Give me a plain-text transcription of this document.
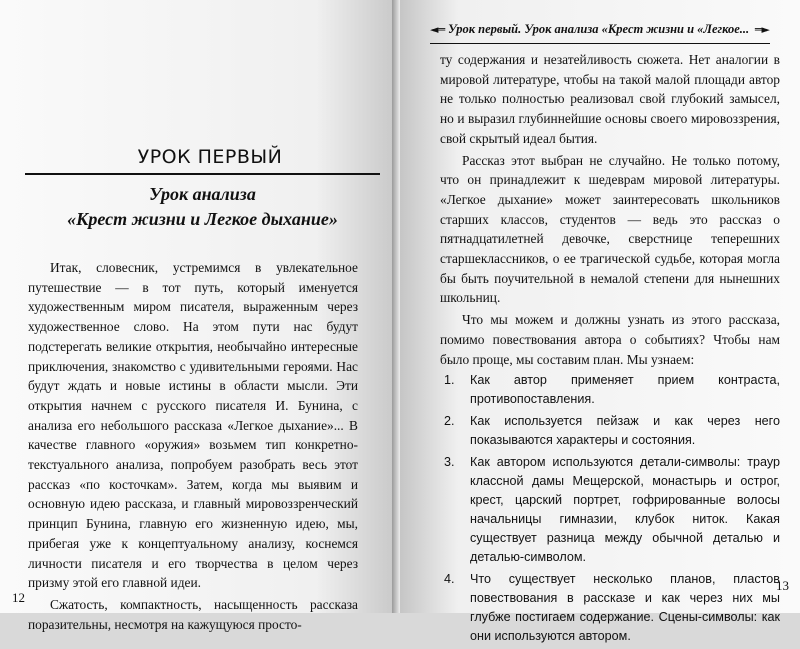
УРОК ПЕРВЫЙ
Урок анализа
«Крест жизни и Легкое дыхание»

Итак, словесник, устремимся в увлекательное путешествие — в тот путь, который именуется художественным миром писателя, выраженным через художественное слово. На этом пути нас будут подстерегать великие открытия, необычайно интересные приключения, знакомство с удивительными героями. Нас будут ждать и новые истины в области мысли. Эти открытия начнем с русского писателя И. Бунина, с анализа его небольшого рассказа «Легкое дыхание»... В качестве главного «оружия» возьмем тип конкретно-текстуального анализа, попробуем разобрать весь этот рассказ «по косточкам». Затем, когда мы выявим и основную идею рассказа, и главный мировоззренческий принцип Бунина, главную его жизненную идею, мы, прибегая уже к концептуальному анализу, коснемся личности писателя и его творчества в целом через призму этой его главной идеи.

Сжатость, компактность, насыщенность рассказа поразительны, несмотря на кажущуюся просто-

12
◄═ Урок первый. Урок анализа «Крест жизни и «Легкое... ═►

ту содержания и незатейливость сюжета. Нет аналогии в мировой литературе, чтобы на такой малой площади автор не только полностью реализовал свой глубокий замысел, но и выразил глубиннейшие основы своего мировоззрения, свой скрытый идеал бытия.

Рассказ этот выбран не случайно. Не только потому, что он принадлежит к шедеврам мировой литературы. «Легкое дыхание» может заинтересовать школьников старших классов, студентов — ведь это рассказ о пятнадцатилетней девочке, сверстнице теперешних старшеклассников, о ее трагической судьбе, которая могла бы быть поучительной в немалой степени для нынешних школьниц.

Что мы можем и должны узнать из этого рассказа, помимо повествования автора о событиях? Чтобы нам было проще, мы составим план. Мы узнаем:

1. Как автор применяет прием контраста, противопоставления.
2. Как используется пейзаж и как через него показываются характеры и состояния.
3. Как автором используются детали-символы: траур классной дамы Мещерской, монастырь и острог, крест, царский портрет, гофрированные волосы начальницы гимназии, клубок ниток. Какая существует разница между обычной деталью и деталью-символом.
4. Что существует несколько планов, пластов повествования в рассказе и как через них мы глубже постигаем содержание. Сцены-символы: как они используются автором.
13
